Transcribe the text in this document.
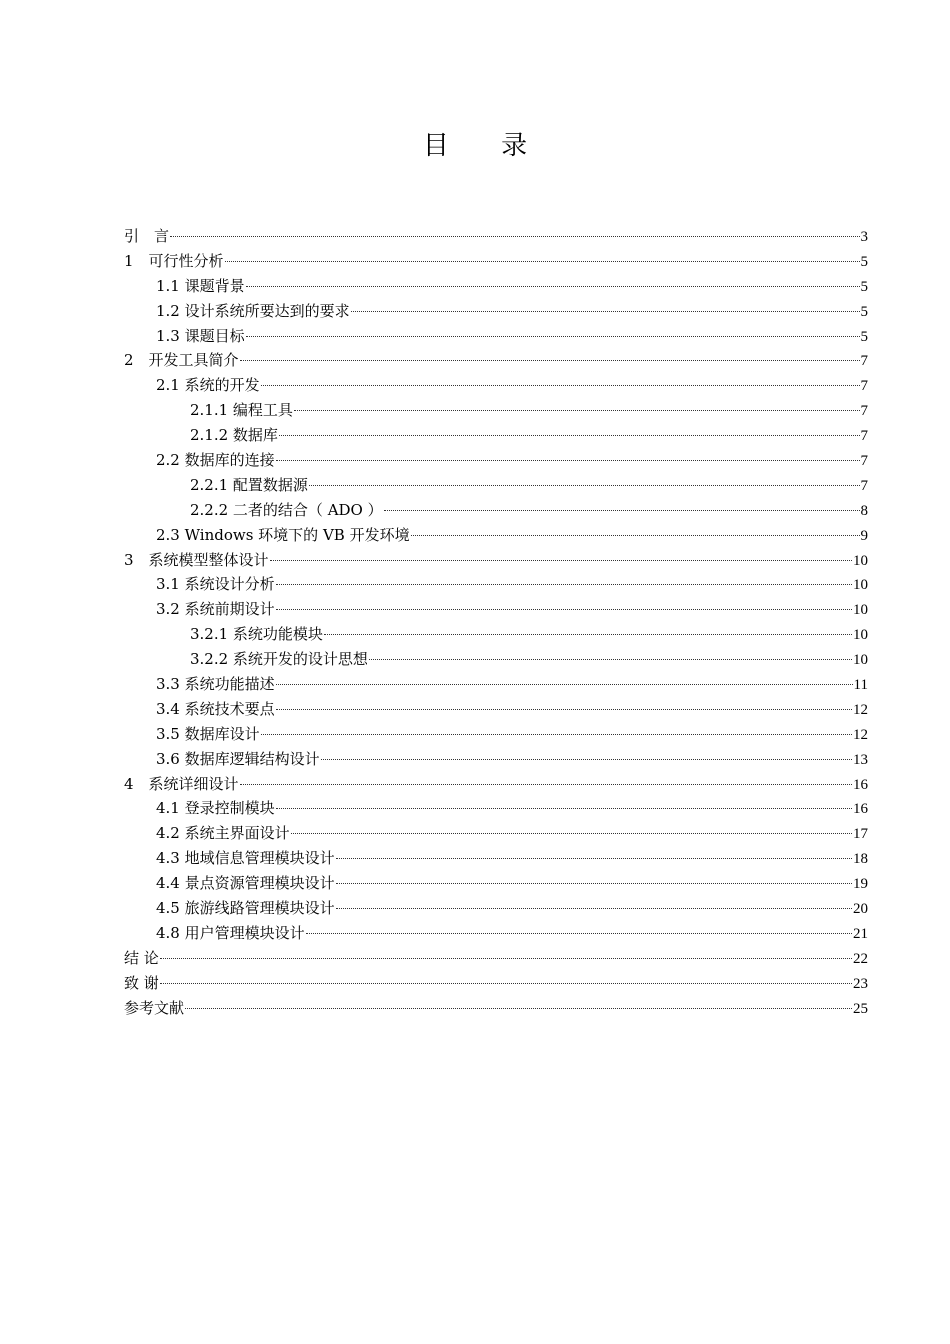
目 录
引　言	3
1　可行性分析	5
1.1 课题背景	5
1.2 设计系统所要达到的要求	5
1.3 课题目标	5
2　开发工具简介	7
2.1 系统的开发	7
2.1.1 编程工具	7
2.1.2 数据库	7
2.2 数据库的连接	7
2.2.1 配置数据源	7
2.2.2 二者的结合（ ADO ）	8
2.3 Windows 环境下的 VB 开发环境	9
3　系统模型整体设计	10
3.1 系统设计分析	10
3.2 系统前期设计	10
3.2.1 系统功能模块	10
3.2.2 系统开发的设计思想	10
3.3 系统功能描述	11
3.4 系统技术要点	12
3.5 数据库设计	12
3.6 数据库逻辑结构设计	13
4　系统详细设计	16
4.1 登录控制模块	16
4.2 系统主界面设计	17
4.3 地域信息管理模块设计	18
4.4 景点资源管理模块设计	19
4.5 旅游线路管理模块设计	20
4.8 用户管理模块设计	21
结 论	22
致 谢	23
参考文献	25
